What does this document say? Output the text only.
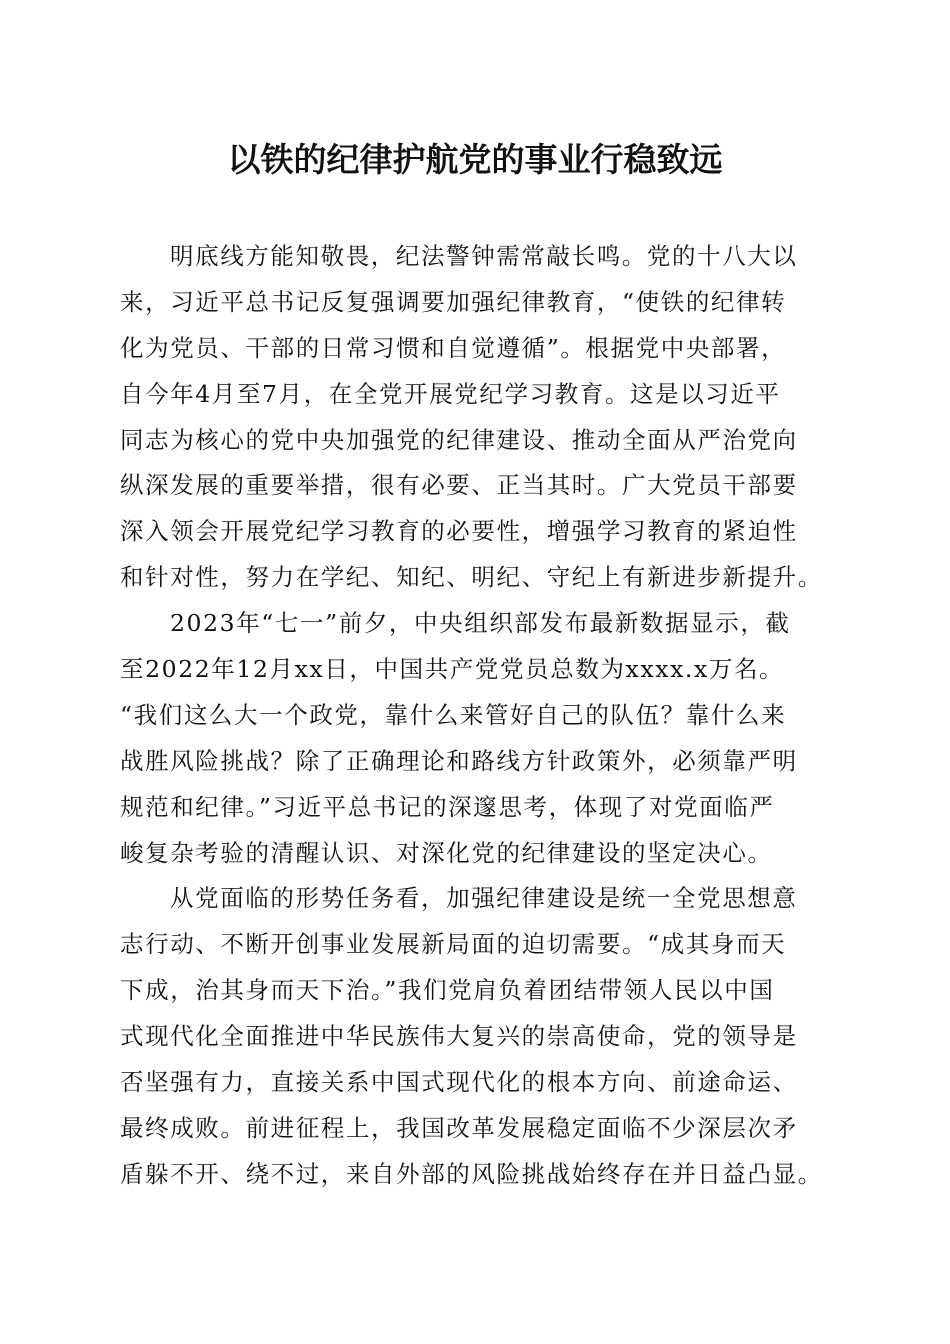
以铁的纪律护航党的事业行稳致远
明底线方能知敬畏，纪法警钟需常敲长鸣。党的十八大以
来，习近平总书记反复强调要加强纪律教育，“使铁的纪律转
化为党员、干部的日常习惯和自觉遵循”。根据党中央部署，
自今年4月至7月，在全党开展党纪学习教育。这是以习近平
同志为核心的党中央加强党的纪律建设、推动全面从严治党向
纵深发展的重要举措，很有必要、正当其时。广大党员干部要
深入领会开展党纪学习教育的必要性，增强学习教育的紧迫性
和针对性，努力在学纪、知纪、明纪、守纪上有新进步新提升。
2023年“七一”前夕，中央组织部发布最新数据显示，截
至2022年12月xx日，中国共产党党员总数为xxxx.x万名。
“我们这么大一个政党，靠什么来管好自己的队伍？靠什么来
战胜风险挑战？除了正确理论和路线方针政策外，必须靠严明
规范和纪律。”习近平总书记的深邃思考，体现了对党面临严
峻复杂考验的清醒认识、对深化党的纪律建设的坚定决心。
从党面临的形势任务看，加强纪律建设是统一全党思想意
志行动、不断开创事业发展新局面的迫切需要。“成其身而天
下成，治其身而天下治。”我们党肩负着团结带领人民以中国
式现代化全面推进中华民族伟大复兴的崇高使命，党的领导是
否坚强有力，直接关系中国式现代化的根本方向、前途命运、
最终成败。前进征程上，我国改革发展稳定面临不少深层次矛
盾躲不开、绕不过，来自外部的风险挑战始终存在并日益凸显。
